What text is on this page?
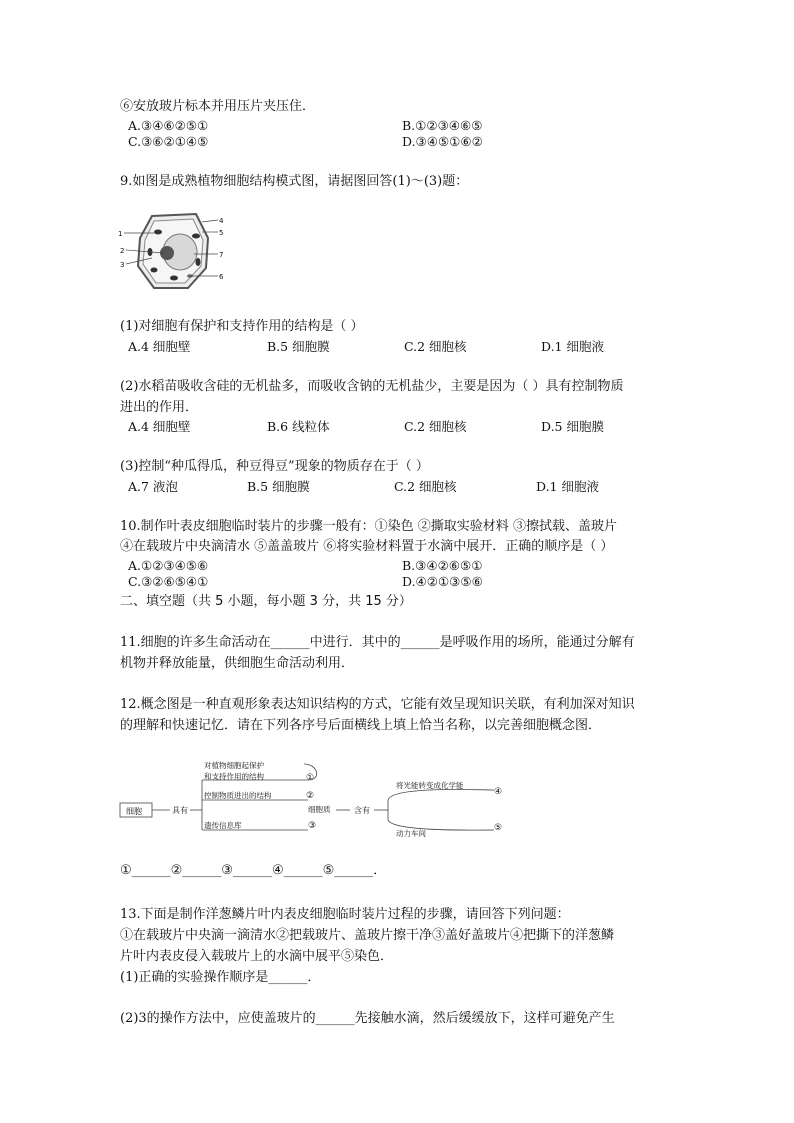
⑥安放玻片标本并用压片夹压住．
A.③④⑥②⑤①	B.①②③④⑥⑤
C.③⑥②①④⑤	D.③④⑤①⑥②
9.如图是成熟植物细胞结构模式图，请据图回答(1)～(3)题：
1
2
3
4
5
7
6
(1)对细胞有保护和支持作用的结构是（ ）
A.4 细胞壁	B.5 细胞膜	C.2 细胞核	D.1 细胞液
(2)水稻苗吸收含硅的无机盐多，而吸收含钠的无机盐少，主要是因为（ ）具有控制物质
进出的作用．
A.4 细胞壁	B.6 线粒体	C.2 细胞核	D.5 细胞膜
(3)控制“种瓜得瓜，种豆得豆”现象的物质存在于（ ）
A.7 液泡	B.5 细胞膜	C.2 细胞核	D.1 细胞液
10.制作叶表皮细胞临时装片的步骤一般有：①染色 ②撕取实验材料 ③擦拭载、盖玻片
④在载玻片中央滴清水 ⑤盖盖玻片 ⑥将实验材料置于水滴中展开．正确的顺序是（ ）
A.①②③④⑤⑥	B.③④②⑥⑤①
C.③②⑥⑤④①	D.④②①③⑤⑥
二、填空题（共 5 小题，每小题 3 分，共 15 分）
11.细胞的许多生命活动在______中进行．其中的______是呼吸作用的场所，能通过分解有
机物并释放能量，供细胞生命活动利用．
12.概念图是一种直观形象表达知识结构的方式，它能有效呈现知识关联，有利加深对知识
的理解和快速记忆．请在下列各序号后面横线上填上恰当名称，以完善细胞概念图．
细胞	具有
对植物细胞起保护
和支持作用的结构	①
控制物质进出的结构	②
细胞质	含有
将光能转变成化学能
④
动力车间
⑤
遗传信息库	③
①______②______③______④______⑤______．
13.下面是制作洋葱鳞片叶内表皮细胞临时装片过程的步骤，请回答下列问题：
①在载玻片中央滴一滴清水②把载玻片、盖玻片擦干净③盖好盖玻片④把撕下的洋葱鳞
片叶内表皮侵入载玻片上的水滴中展平⑤染色．
(1)正确的实验操作顺序是______．
(2)3的操作方法中，应使盖玻片的______先接触水滴，然后缓缓放下，这样可避免产生
